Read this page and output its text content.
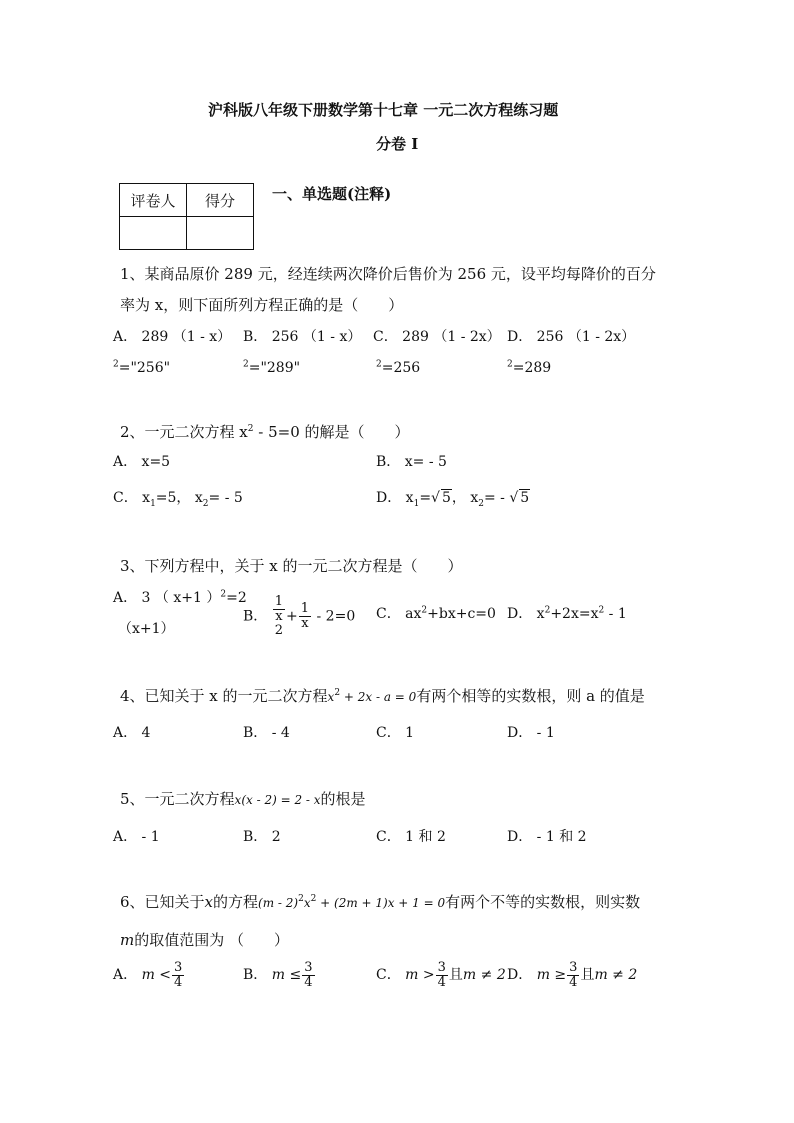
沪科版八年级下册数学第十七章 一元二次方程练习题
分卷 I
评卷人	得分
	一、单选题(注释)
1、某商品原价 289 元，经连续两次降价后售价为 256 元，设平均每降价的百分
率为 x，则下面所列方程正确的是（　　）
A． 289 （1 - x）
$^2$="256"
B． 256 （1 - x）
$^2$="289"
C． 289 （1 - 2x）
$^2$=256
D． 256 （1 - 2x）
$^2$=289
2、一元二次方程 $x^2 - 5=0$ 的解是（　　）
A． x=5	B． x= - 5
C． $x_1=5$， $x_2= - 5$	D． $x_1=√$ 5， $x_2=$ - √ 5
3、下列方程中，关于 x 的一元二次方程是（　　）
A． 3 （ x+1 ）$^2$=2
（x+1）
B． 1
x
$2 + \frac{1}{x} - 2=0$ C． $ax^2+bx+c=0$ D． $x^2+2x=x^2 - 1$
4、已知关于 x 的一元二次方程$x^2 + 2x - a = 0$有两个相等的实数根，则 a 的值是
A． 4	B． - 4	C． 1	D． - 1
5、一元二次方程x(x - 2) = 2 - x的根是
A． - 1	B． 2	C． 1 和 2	D． - 1 和 2
6、已知关于x的方程$(m - 2)^2x^2 + (2m + 1)x + 1 = 0$有两个不等的实数根，则实数
m的取值范围为 （　　）
A． $m < \frac{3}{4}$	B． $m \le \frac{3}{4}$	C． $m > \frac{3}{4}$ 且m ≠ 2 D． $m \ge \frac{3}{4}$ 且m ≠ 2
